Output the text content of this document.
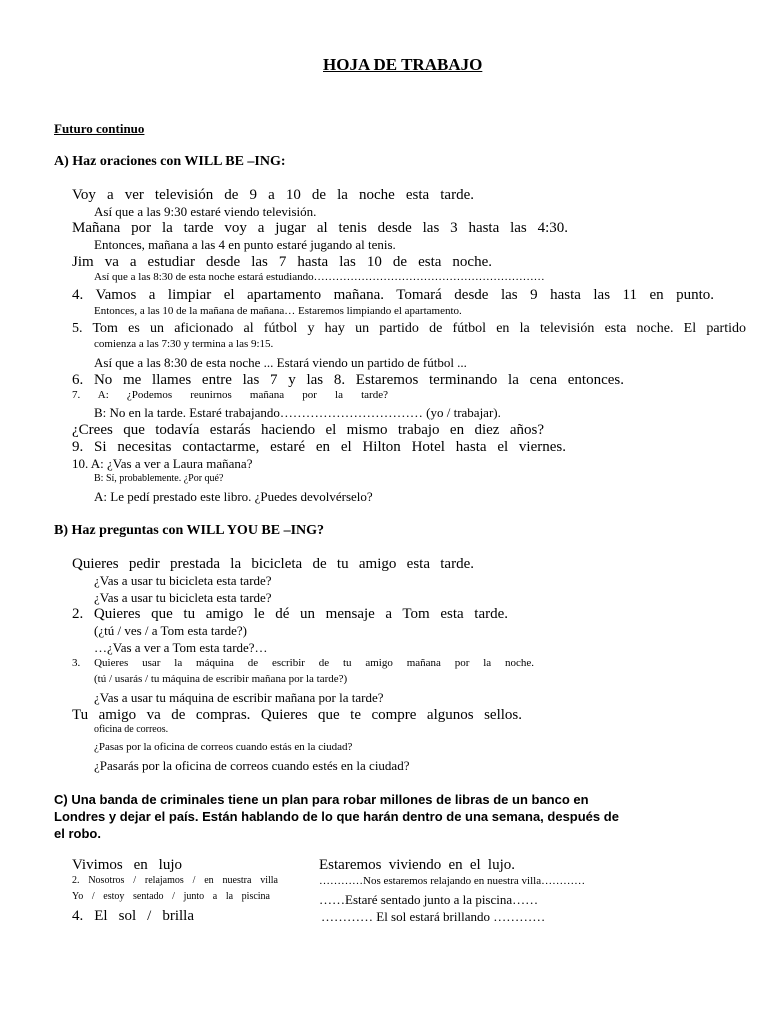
HOJA DE TRABAJO
Futuro continuo
A) Haz oraciones con WILL BE –ING:
Voy a ver televisión de 9 a 10 de la noche esta tarde.
Así que a las 9:30 estaré viendo televisión.
Mañana por la tarde voy a jugar al tenis desde las 3 hasta las 4:30.
Entonces, mañana a las 4 en punto estaré jugando al tenis.
Jim va a estudiar desde las 7 hasta las 10 de esta noche.
Así que a las 8:30 de esta noche estará estudiando………………………………………………………
4. Vamos a limpiar el apartamento mañana. Tomará desde las 9 hasta las 11 en punto.
Entonces, a las 10 de la mañana de mañana… Estaremos limpiando el apartamento.
5. Tom es un aficionado al fútbol y hay un partido de fútbol en la televisión esta noche. El partido
comienza a las 7:30 y termina a las 9:15.
Así que a las 8:30 de esta noche ... Estará viendo un partido de fútbol ...
6. No me llames entre las 7 y las 8. Estaremos terminando la cena entonces.
7. A: ¿Podemos reunirnos mañana por la tarde?
B: No en la tarde. Estaré trabajando…………………………… (yo / trabajar).
¿Crees que todavía estarás haciendo el mismo trabajo en diez años?
9. Si necesitas contactarme, estaré en el Hilton Hotel hasta el viernes.
10. A: ¿Vas a ver a Laura mañana?
B: Sí, probablemente. ¿Por qué?
A: Le pedí prestado este libro. ¿Puedes devolvérselo?
B) Haz preguntas con WILL YOU BE –ING?
Quieres pedir prestada la bicicleta de tu amigo esta tarde.
¿Vas a usar tu bicicleta esta tarde?
¿Vas a usar tu bicicleta esta tarde?
2. Quieres que tu amigo le dé un mensaje a Tom esta tarde.
(¿tú / ves / a Tom esta tarde?)
…¿Vas a ver a Tom esta tarde?…
3. Quieres usar la máquina de escribir de tu amigo mañana por la noche.
(tú / usarás / tu máquina de escribir mañana por la tarde?)
¿Vas a usar tu máquina de escribir mañana por la tarde?
Tu amigo va de compras. Quieres que te compre algunos sellos.
oficina de correos.
¿Pasas por la oficina de correos cuando estás en la ciudad?
¿Pasarás por la oficina de correos cuando estés en la ciudad?
C) Una banda de criminales tiene un plan para robar millones de libras de un banco en Londres y dejar el país. Están hablando de lo que harán dentro de una semana, después de el robo.
Vivimos en lujo
2. Nosotros / relajamos / en nuestra villa
Yo / estoy sentado / junto a la piscina
4. El sol / brilla
Estaremos viviendo en el lujo.
…………Nos estaremos relajando en nuestra villa…………
……Estaré sentado junto a la piscina……
………… El sol estará brillando …………
